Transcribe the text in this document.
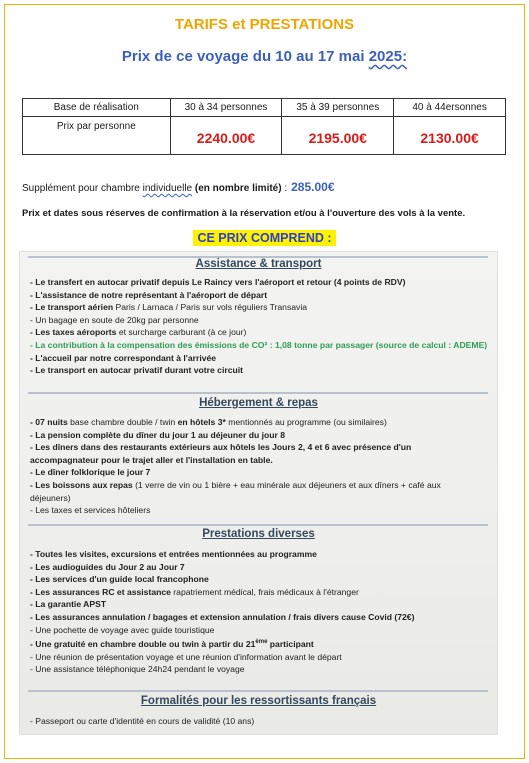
TARIFS et PRESTATIONS
Prix de ce voyage du 10 au 17 mai 2025:
Base de réalisation	30 à 34 personnes	35 à 39 personnes	40 à 44ersonnes
Prix par personne	2240.00€	2195.00€	2130.00€
Supplément pour chambre individuelle (en nombre limité) : 285.00€
Prix et dates sous réserves de confirmation à la réservation et/ou à l'ouverture des vols à la vente.
CE PRIX COMPREND :
Assistance & transport
- Le transfert en autocar privatif depuis Le Raincy vers l'aéroport et retour (4 points de RDV)
- L'assistance de notre représentant à l'aéroport de départ
- Le transport aérien Paris / Larnaca / Paris sur vols réguliers Transavia
- Un bagage en soute de 20kg par personne
- Les taxes aéroports et surcharge carburant (à ce jour)
- La contribution à la compensation des émissions de CO² : 1,08 tonne par passager (source de calcul : ADEME)
- L'accueil par notre correspondant à l'arrivée
- Le transport en autocar privatif durant votre circuit
Hébergement & repas
- 07 nuits base chambre double / twin en hôtels 3* mentionnés au programme (ou similaires)
- La pension complète du dîner du jour 1 au déjeuner du jour 8
- Les dîners dans des restaurants extérieurs aux hôtels les Jours 2, 4 et 6 avec présence d'un
accompagnateur pour le trajet aller et l'installation en table.
- Le dîner folklorique le jour 7
- Les boissons aux repas (1 verre de vin ou 1 bière + eau minérale aux déjeuners et aux dîners + café aux
déjeuners)
- Les taxes et services hôteliers
Prestations diverses
- Toutes les visites, excursions et entrées mentionnées au programme
- Les audioguides du Jour 2 au Jour 7
- Les services d'un guide local francophone
- Les assurances RC et assistance rapatriement médical, frais médicaux à l'étranger
- La garantie APST
- Les assurances annulation / bagages et extension annulation / frais divers cause Covid (72€)
- Une pochette de voyage avec guide touristique
- Une gratuité en chambre double ou twin à partir du 21ème participant
- Une réunion de présentation voyage et une réunion d'information avant le départ
- Une assistance téléphonique 24h24 pendant le voyage
Formalités pour les ressortissants français
- Passeport ou carte d'identité en cours de validité (10 ans)
